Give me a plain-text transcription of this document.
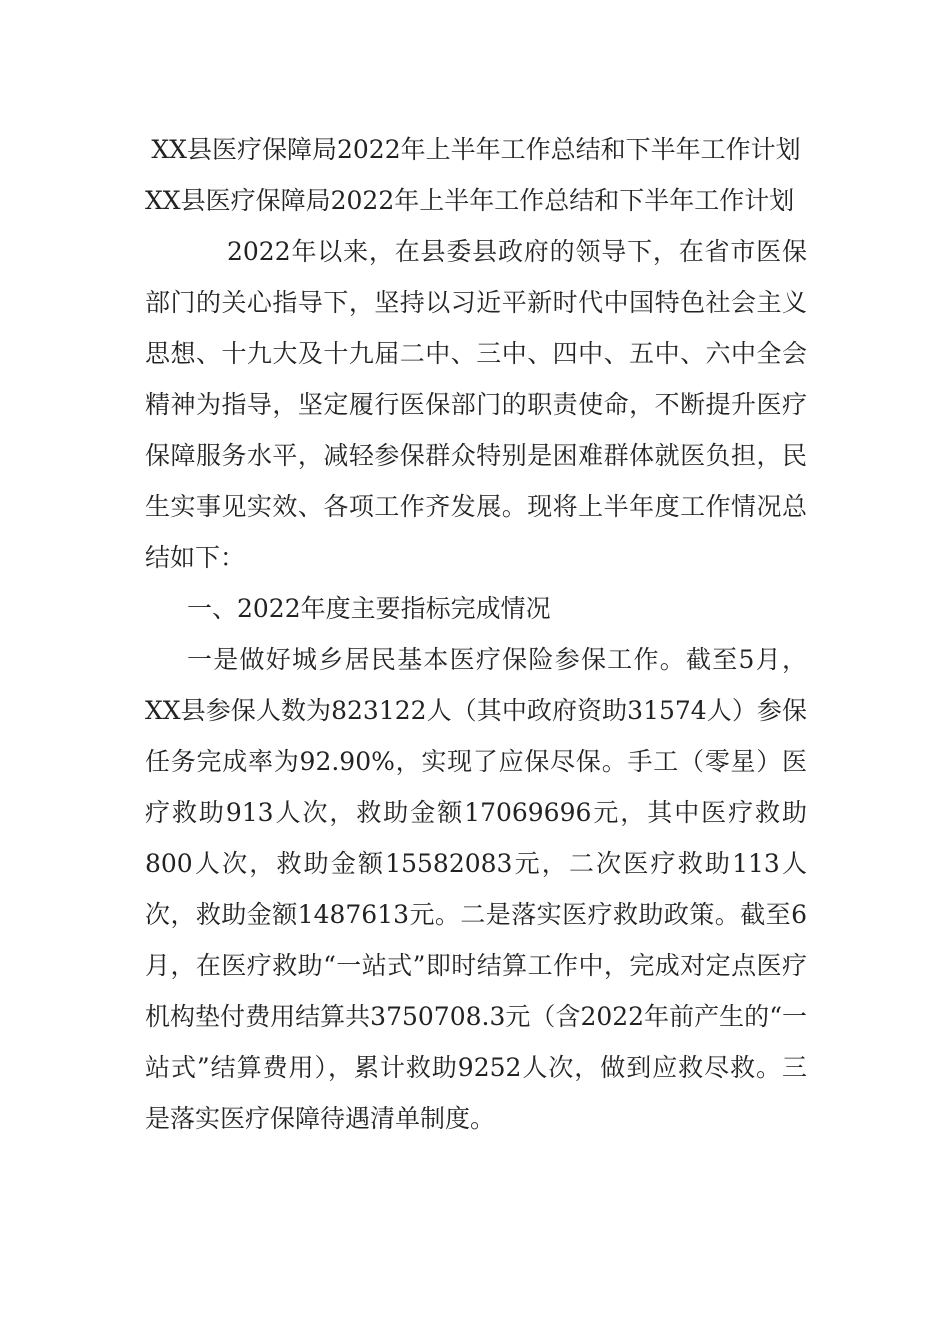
XX县医疗保障局2022年上半年工作总结和下半年工作计划

XX县医疗保障局2022年上半年工作总结和下半年工作计划

2022年以来，在县委县政府的领导下，在省市医保部门的关心指导下，坚持以习近平新时代中国特色社会主义思想、十九大及十九届二中、三中、四中、五中、六中全会精神为指导，坚定履行医保部门的职责使命，不断提升医疗保障服务水平，减轻参保群众特别是困难群体就医负担，民生实事见实效、各项工作齐发展。现将上半年度工作情况总结如下：

一、2022年度主要指标完成情况

一是做好城乡居民基本医疗保险参保工作。截至5月，XX县参保人数为823122人（其中政府资助31574人）参保任务完成率为92.90%，实现了应保尽保。手工（零星）医疗救助913人次，救助金额17069696元，其中医疗救助800人次，救助金额15582083元，二次医疗救助113人次，救助金额1487613元。二是落实医疗救助政策。截至6月，在医疗救助“一站式”即时结算工作中，完成对定点医疗机构垫付费用结算共3750708.3元（含2022年前产生的“一站式”结算费用），累计救助9252人次，做到应救尽救。三是落实医疗保障待遇清单制度。
